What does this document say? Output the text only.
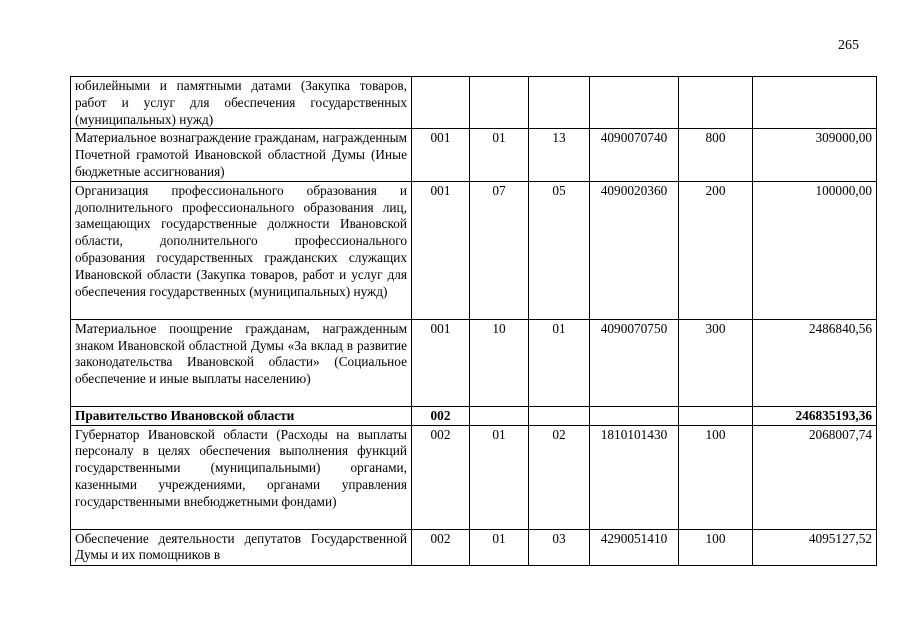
265
юбилейными и памятными датами (Закупка товаров, работ и услуг для обеспечения государственных (муниципальных) нужд)						
Материальное вознаграждение гражданам, награжденным Почетной грамотой Ивановской областной Думы (Иные бюджетные ассигнования)	001	01	13	4090070740	800	309000,00
Организация профессионального образования и дополнительного профессионального образования лиц, замещающих государственные должности Ивановской области, дополнительного профессионального образования государственных гражданских служащих Ивановской области (Закупка товаров, работ и услуг для обеспечения государственных (муниципальных) нужд)	001	07	05	4090020360	200	100000,00
Материальное поощрение гражданам, награжденным знаком Ивановской областной Думы «За вклад в развитие законодательства Ивановской области» (Социальное обеспечение и иные выплаты населению)	001	10	01	4090070750	300	2486840,56
Правительство Ивановской области	002					246835193,36
Губернатор Ивановской области (Расходы на выплаты персоналу в целях обеспечения выполнения функций государственными (муниципальными) органами, казенными учреждениями, органами управления государственными внебюджетными фондами)	002	01	02	1810101430	100	2068007,74
Обеспечение деятельности депутатов Государственной Думы и их помощников в	002	01	03	4290051410	100	4095127,52
